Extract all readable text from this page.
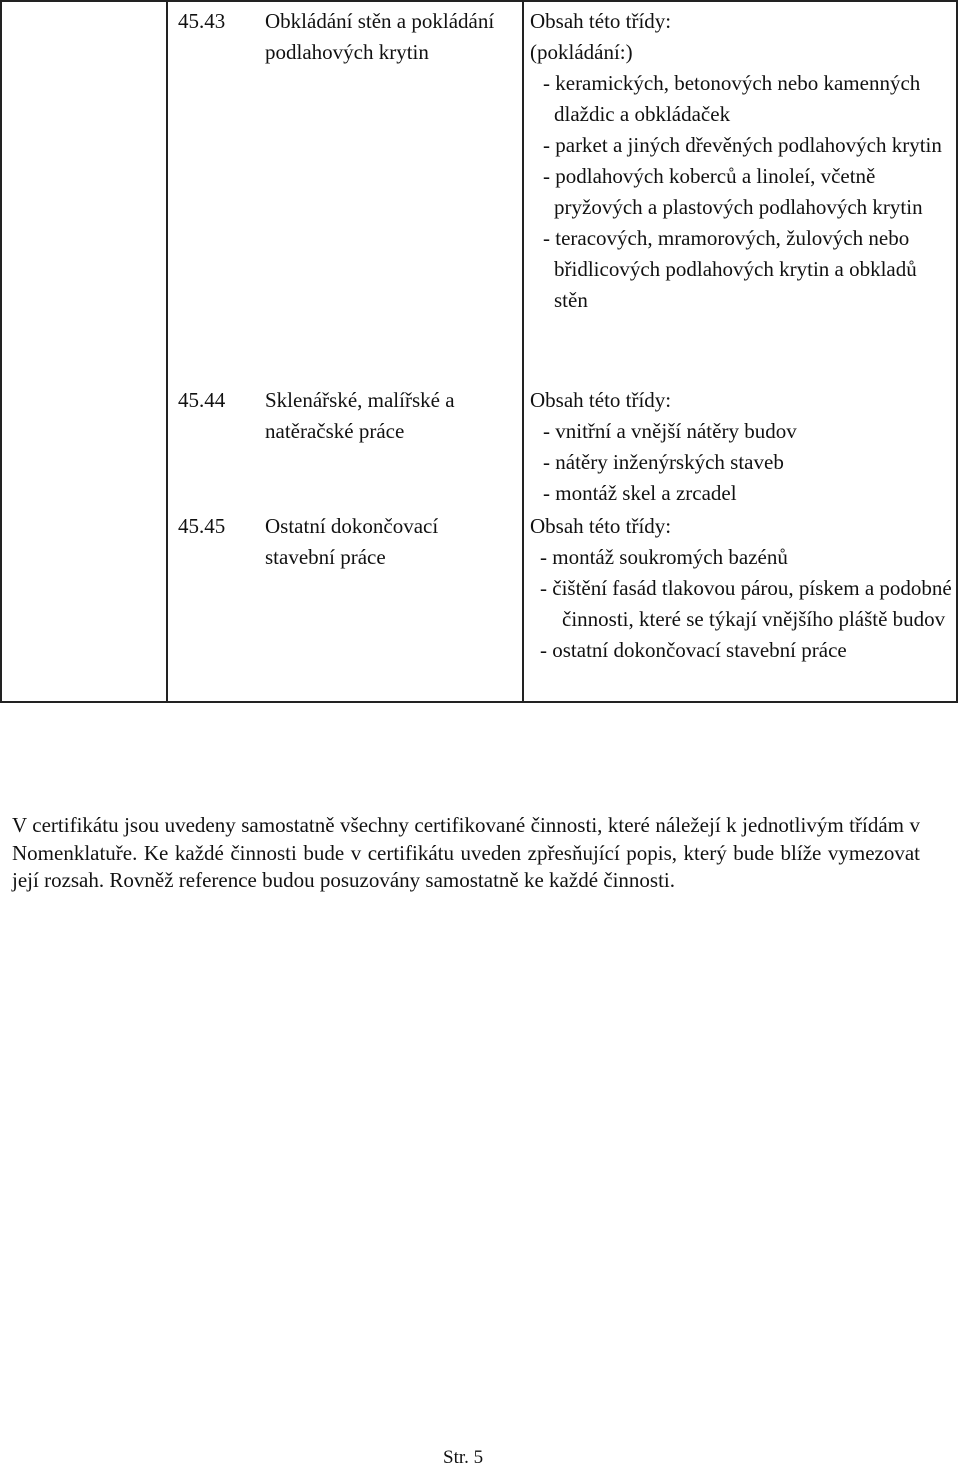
45.43 Obkládání stěn a pokládání podlahových krytin
Obsah této třídy:
(pokládání:)
- keramických, betonových nebo kamenných dlaždic a obkládaček
- parket a jiných dřevěných podlahových krytin
- podlahových koberců a linoleí, včetně pryžových a plastových podlahových krytin
- teracových, mramorových, žulových nebo břidlicových podlahových krytin a obkladů stěn
45.44 Sklenářské, malířské a natěračské práce
Obsah této třídy:
- vnitřní a vnější nátěry budov
- nátěry inženýrských staveb
- montáž skel a zrcadel
45.45 Ostatní dokončovací stavební práce
Obsah této třídy:
- montáž soukromých bazénů
- čištění fasád tlakovou párou, pískem a podobné činnosti, které se týkají vnějšího pláště budov
- ostatní dokončovací stavební práce
V certifikátu jsou uvedeny samostatně všechny certifikované činnosti, které náležejí k jednotlivým třídám v Nomenklatuře. Ke každé činnosti bude v certifikátu uveden zpřesňující popis, který bude blíže vymezovat její rozsah. Rovněž reference budou posuzovány samostatně ke každé činnosti.
Str. 5
